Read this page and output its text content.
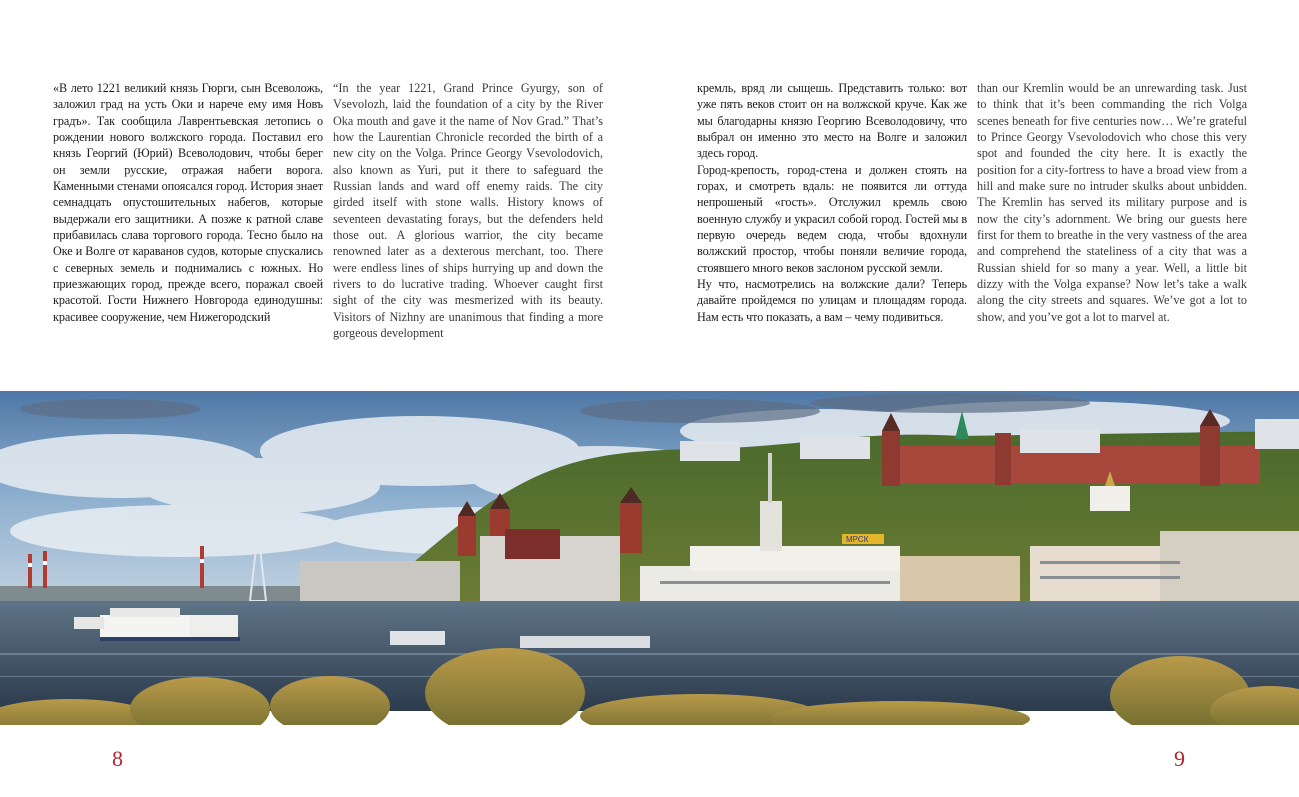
«В лето 1221 великий князь Гюрги, сын Всеволожь, заложил град на усть Оки и нарече ему имя Новъ градъ». Так сообщила Лаврентьевская летопись о рождении нового волжского города. Поставил его князь Георгий (Юрий) Всеволодович, чтобы берег он земли русские, отражая набеги ворога. Каменными стенами опоясался город. История знает семнадцать опустошительных набегов, которые выдержали его защитники. А позже к ратной славе прибавилась слава торгового города. Тесно было на Оке и Волге от караванов судов, которые спускались с северных земель и поднимались с южных. Но приезжающих город, прежде всего, поражал своей красотой. Гости Нижнего Новгорода единодушны: красивее сооружение, чем Нижегородский

“In the year 1221, Grand Prince Gyurgy, son of Vsevolozh, laid the foundation of a city by the River Oka mouth and gave it the name of Nov Grad.” That’s how the Laurentian Chronicle recorded the birth of a new city on the Volga. Prince Georgy Vsevolodovich, also known as Yuri, put it there to safeguard the Russian lands and ward off enemy raids. The city girded itself with stone walls. History knows of seventeen devastating forays, but the defenders held those out. A glorious warrior, the city became renowned later as a dexterous merchant, too. There were endless lines of ships hurrying up and down the rivers to do lucrative trading. Whoever caught first sight of the city was mesmerized with its beauty. Visitors of Nizhny are unanimous that finding a more gorgeous development

кремль, вряд ли сыщешь. Представить только: вот уже пять веков стоит он на волжской круче. Как же мы благодарны князю Георгию Всеволодовичу, что выбрал он именно это место на Волге и заложил здесь город.

Город-крепость, город-стена и должен стоять на горах, и смотреть вдаль: не появится ли оттуда непрошеный «гость». Отслужил кремль свою военную службу и украсил собой город. Гостей мы в первую очередь ведем сюда, чтобы вдохнули волжский простор, чтобы поняли величие города, стоявшего много веков заслоном русской земли.

Ну что, насмотрелись на волжские дали? Теперь давайте пройдемся по улицам и площадям города. Нам есть что показать, а вам – чему подивиться.

than our Kremlin would be an unrewarding task. Just to think that it’s been commanding the rich Volga scenes beneath for five centuries now… We’re grateful to Prince Georgy Vsevolodovich who chose this very spot and founded the city here. It is exactly the position for a city-fortress to have a broad view from a hill and make sure no intruder skulks about unbidden. The Kremlin has served its military purpose and is now the city’s adornment. We bring our guests here first for them to breathe in the very vastness of the area and comprehend the stateliness of a city that was a Russian shield for so many a year. Well, a little bit dizzy with the Volga expanse? Now let’s take a walk along the city streets and squares. We’ve got a lot to show, and you’ve got a lot to marvel at.

МРСК
8	9
